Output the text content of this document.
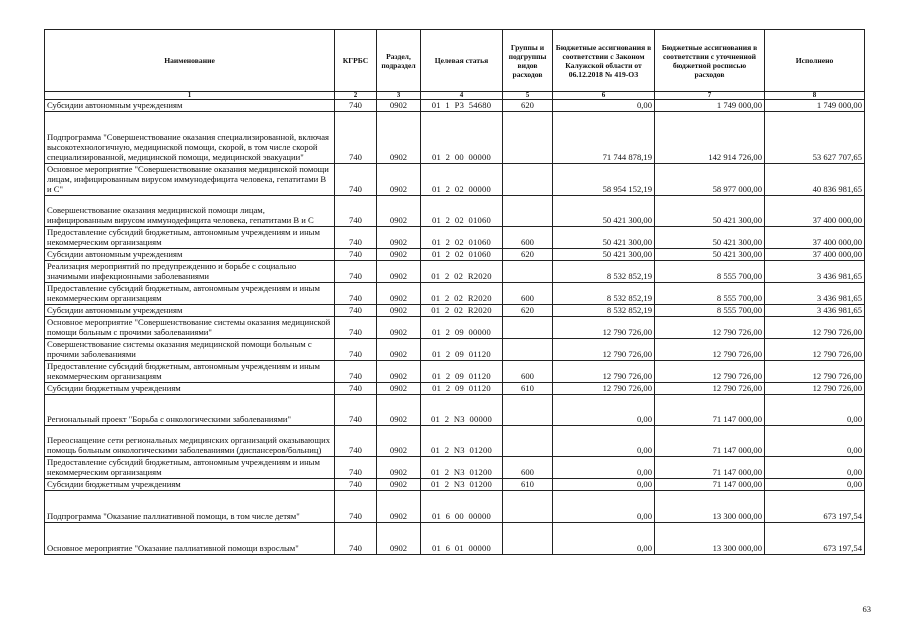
Наименование	КГРБС	Раздел, подраздел	Целевая статья	Группы и подгруппы видов расходов	Бюджетные ассигнования в соответствии с Законом Калужской области от 06.12.2018 № 419-ОЗ	Бюджетные ассигнования в соответствии с уточненной бюджетной росписью расходов	Исполнено
1	2	3	4	5	6	7	8
Субсидии автономным учреждениям	740	0902	01  1  Р3  54680	620	0,00	1 749 000,00	1 749 000,00
Подпрограмма "Совершенствование оказания специализированной, включая высокотехнологичную, медицинской помощи, скорой, в том числе скорой специализированной, медицинской помощи, медицинской эвакуации"	740	0902	01  2  00  00000		71 744 878,19	142 914 726,00	53 627 707,65
Основное мероприятие "Совершенствование оказания медицинской помощи лицам, инфицированным вирусом иммунодефицита человека, гепатитами В и С"	740	0902	01  2  02  00000		58 954 152,19	58 977 000,00	40 836 981,65
Совершенствование оказания медицинской помощи лицам, инфицированным вирусом иммунодефицита человека, гепатитами В и С	740	0902	01  2  02  01060		50 421 300,00	50 421 300,00	37 400 000,00
Предоставление субсидий бюджетным, автономным учреждениям и иным некоммерческим организациям	740	0902	01  2  02  01060	600	50 421 300,00	50 421 300,00	37 400 000,00
Субсидии автономным учреждениям	740	0902	01  2  02  01060	620	50 421 300,00	50 421 300,00	37 400 000,00
Реализация мероприятий по предупреждению и борьбе с социально значимыми инфекционными заболеваниями	740	0902	01  2  02  R2020		8 532 852,19	8 555 700,00	3 436 981,65
Предоставление субсидий бюджетным, автономным учреждениям и иным некоммерческим организациям	740	0902	01  2  02  R2020	600	8 532 852,19	8 555 700,00	3 436 981,65
Субсидии автономным учреждениям	740	0902	01  2  02  R2020	620	8 532 852,19	8 555 700,00	3 436 981,65
Основное мероприятие "Совершенствование системы оказания медицинской помощи больным с прочими заболеваниями"	740	0902	01  2  09  00000		12 790 726,00	12 790 726,00	12 790 726,00
Совершенствование системы оказания медицинской помощи больным с прочими заболеваниями	740	0902	01  2  09  01120		12 790 726,00	12 790 726,00	12 790 726,00
Предоставление субсидий бюджетным, автономным учреждениям и иным некоммерческим организациям	740	0902	01  2  09  01120	600	12 790 726,00	12 790 726,00	12 790 726,00
Субсидии бюджетным учреждениям	740	0902	01  2  09  01120	610	12 790 726,00	12 790 726,00	12 790 726,00
Региональный проект "Борьба с онкологическими заболеваниями"	740	0902	01  2  N3  00000		0,00	71 147 000,00	0,00
Переоснащение сети региональных медицинских организаций оказывающих помощь больным онкологическими заболеваниями (диспансеров/больниц)	740	0902	01  2  N3  01200		0,00	71 147 000,00	0,00
Предоставление субсидий бюджетным, автономным учреждениям и иным некоммерческим организациям	740	0902	01  2  N3  01200	600	0,00	71 147 000,00	0,00
Субсидии бюджетным учреждениям	740	0902	01  2  N3  01200	610	0,00	71 147 000,00	0,00
Подпрограмма "Оказание паллиативной помощи, в том числе детям"	740	0902	01  6  00  00000		0,00	13 300 000,00	673 197,54
Основное мероприятие "Оказание паллиативной помощи взрослым"	740	0902	01  6  01  00000		0,00	13 300 000,00	673 197,54
63
